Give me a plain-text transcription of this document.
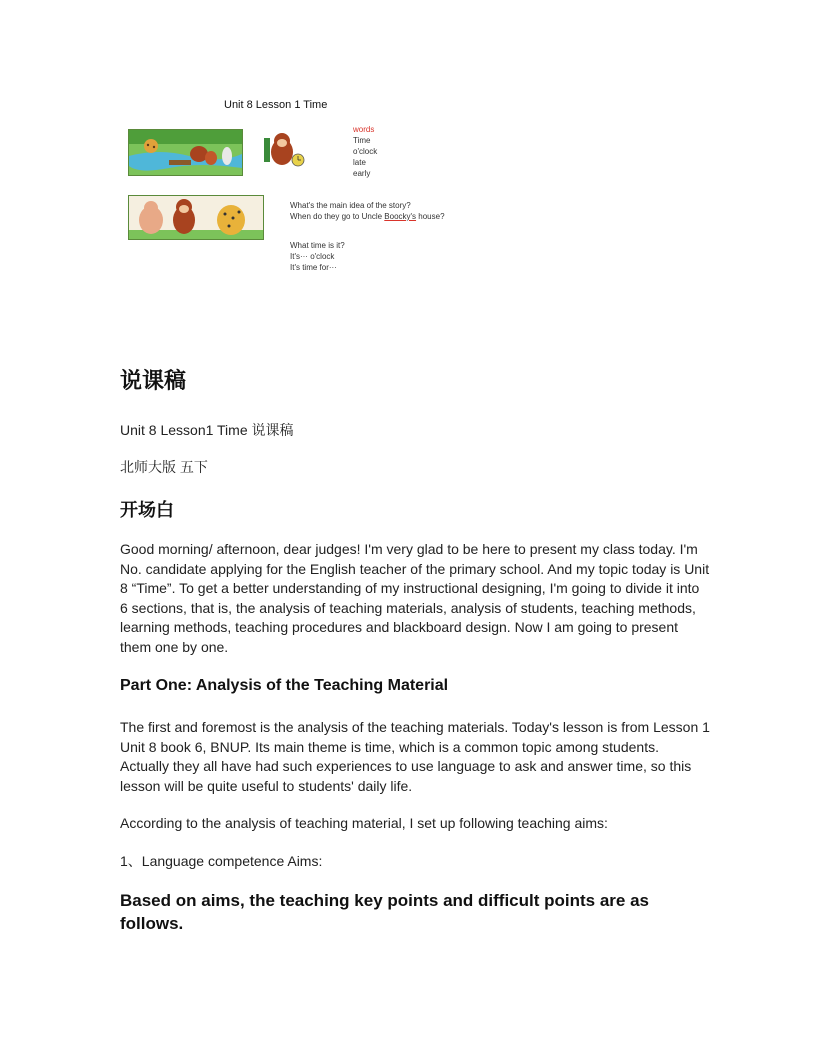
Unit 8 Lesson 1 Time
words
Time
o'clock
late
early
What's the main idea of the story?
When do they go to Uncle Boocky's house?
What time is it?
It's··· o'clock
It's time for···
说课稿

Unit 8 Lesson1 Time 说课稿

北师大版 五下

开场白

Good morning/ afternoon, dear judges! I'm very glad to be here to present my class today. I'm No. candidate applying for the English teacher of the primary school. And my topic today is Unit 8 “Time”. To get a better understanding of my instructional designing, I'm going to divide it into 6 sections, that is, the analysis of teaching materials, analysis of students, teaching methods, learning methods, teaching procedures and blackboard design. Now I am going to present them one by one.

Part One: Analysis of the Teaching Material

The first and foremost is the analysis of the teaching materials. Today's lesson is from Lesson 1 Unit 8 book 6, BNUP. Its main theme is time, which is a common topic among students. Actually they all have had such experiences to use language to ask and answer time, so this lesson will be quite useful to students' daily life.

According to the analysis of teaching material, I set up following teaching aims:

1、Language competence Aims:

Based on aims, the teaching key points and difficult points are as follows.
